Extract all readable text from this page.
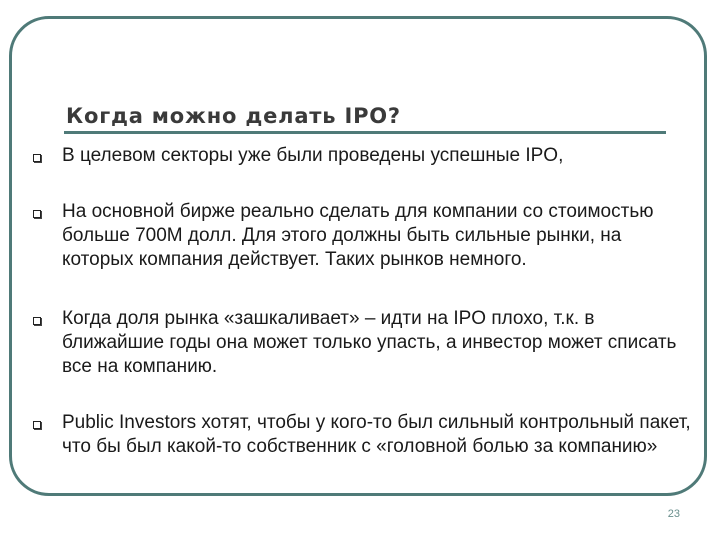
Когда можно делать IPO?

В целевом секторы уже были проведены успешные IPO,

На основной бирже реально сделать для компании со стоимостью больше 700М долл. Для этого должны быть сильные рынки, на которых компания действует. Таких рынков немного.

Когда доля рынка «зашкаливает» – идти на IPO плохо, т.к. в ближайшие годы она может только упасть, а инвестор может списать все на компанию.

Public Investors хотят, чтобы у кого-то был сильный контрольный пакет, что бы был какой-то собственник с «головной болью за компанию»

23
